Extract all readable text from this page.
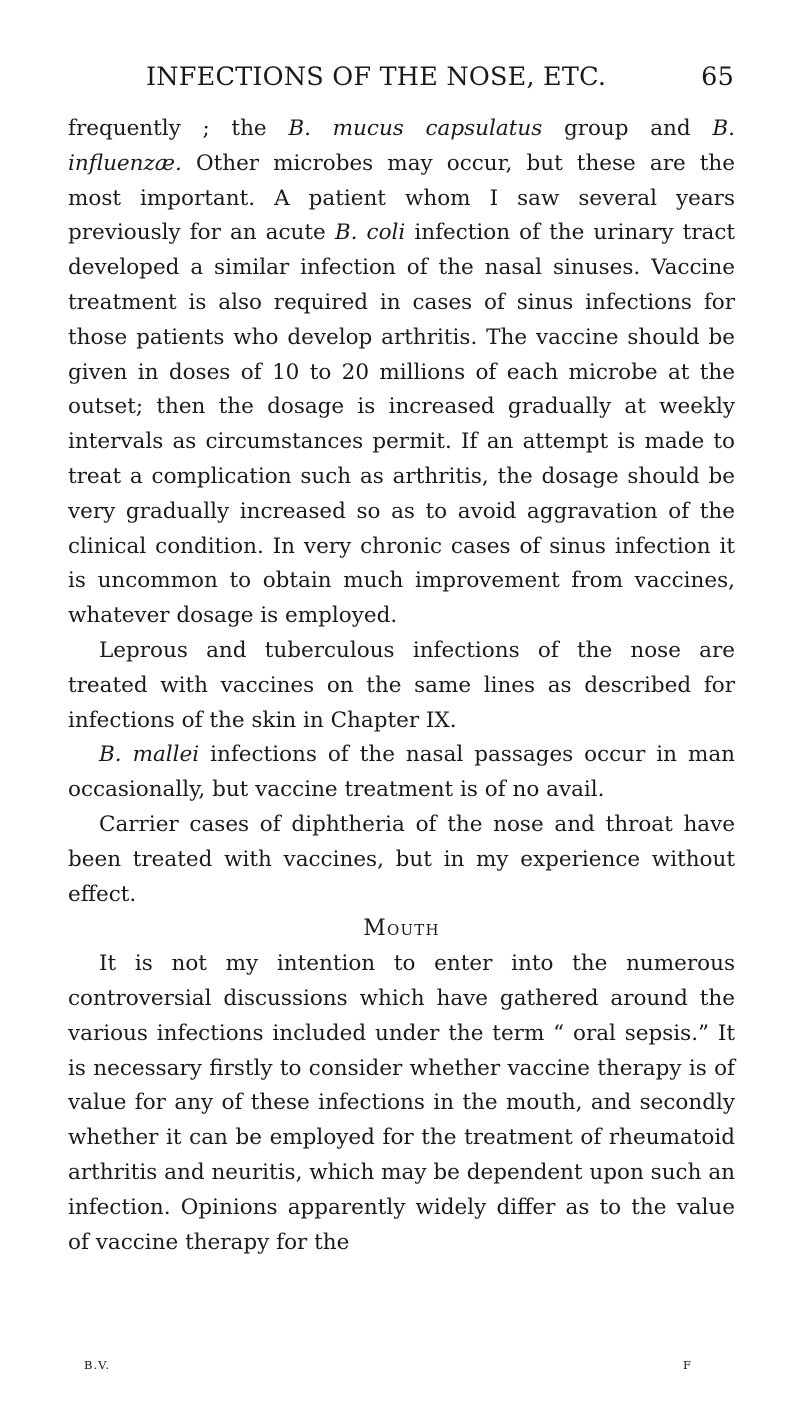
INFECTIONS OF THE NOSE, ETC.	65

frequently ; the B. mucus capsulatus group and B. influenzæ. Other microbes may occur, but these are the most important. A patient whom I saw several years previously for an acute B. coli infection of the urinary tract developed a similar infection of the nasal sinuses. Vaccine treatment is also required in cases of sinus infections for those patients who develop arthritis. The vaccine should be given in doses of 10 to 20 millions of each microbe at the outset; then the dosage is increased gradually at weekly intervals as circumstances permit. If an attempt is made to treat a complication such as arthritis, the dosage should be very gradually increased so as to avoid aggravation of the clinical condition. In very chronic cases of sinus infection it is uncommon to obtain much improvement from vaccines, whatever dosage is employed.

Leprous and tuberculous infections of the nose are treated with vaccines on the same lines as described for infections of the skin in Chapter IX.

B. mallei infections of the nasal passages occur in man occasionally, but vaccine treatment is of no avail.

Carrier cases of diphtheria of the nose and throat have been treated with vaccines, but in my experience without effect.

Mouth

It is not my intention to enter into the numerous controversial discussions which have gathered around the various infections included under the term “ oral sepsis.” It is necessary firstly to consider whether vaccine therapy is of value for any of these infections in the mouth, and secondly whether it can be employed for the treatment of rheumatoid arthritis and neuritis, which may be dependent upon such an infection. Opinions apparently widely differ as to the value of vaccine therapy for the

B.V.	F
